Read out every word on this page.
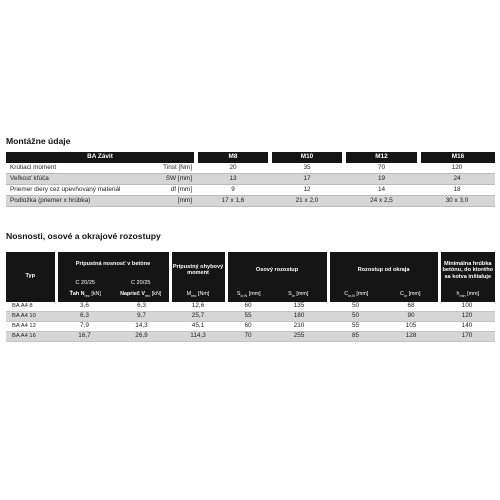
Montážne údaje
BA Závit		M8	M10	M12	M16
Krútiaci moment	Tinst [Nm]	20	35	70	120
Veľkosť kľúča	SW [mm]	13	17	19	24
Priemer diery cez upevňovaný materiál	df [mm]	9	12	14	18
Podložka (priemer x hrúbka)	[mm]	17 x 1,6	21 x 2,0	24 x 2,5	30 x 3,0
Nosnosti, osové a okrajové rozostupy
Typ	Prípustná nosnosť v betóne		Prípustný ohybový moment	Osový rozostup		Rozostup od okraja		Minimálna hrúbka betónu, do ktorého sa kotva inštaluje
	C 20/25	C 20/25						
	Ťah $N_{rec}$ [kN]	Naprieč $V_{rec}$ [kN]	$M_{rec}$ [Nm]	$S_{cr,N}$ [mm]	$S_{cr}$ [mm]	$C_{cr,N}$ [mm]	$C_{cr}$ [mm]	$h_{min}$ [mm]
BA A4 8	3,6	6,3	12,6	60	135	50	68	100
BA A4 10	6,3	9,7	25,7	55	180	50	90	120
BA A4 12	7,9	14,3	45,1	60	210	55	105	140
BA A4 16	16,7	26,9	114,3	70	255	85	128	170
